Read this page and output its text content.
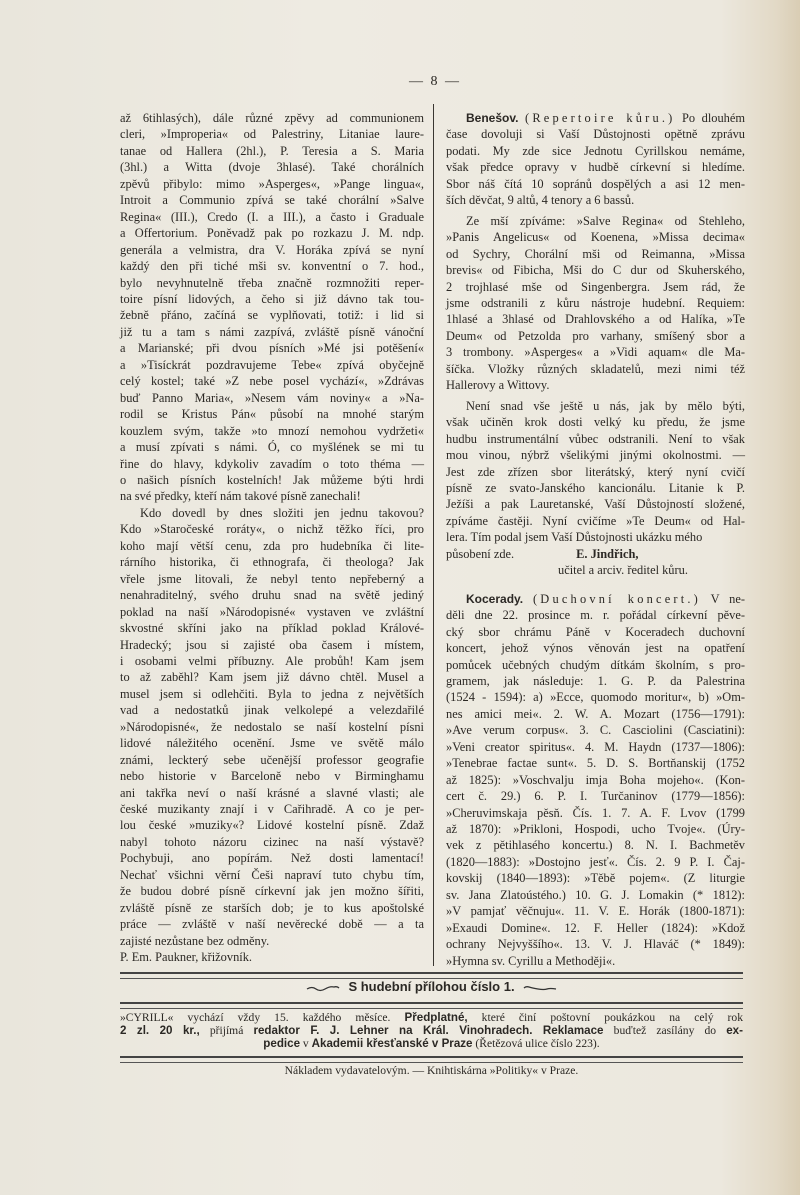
— 8 —
až 6tihlasých), dále různé zpěvy ad communionem
cleri, »Improperia« od Palestriny, Litaniae laure-
tanae od Hallera (2hl.), P. Teresia a S. Maria
(3hl.) a Witta (dvoje 3hlasé). Také chorálních
zpěvů přibylo: mimo »Asperges«, »Pange lingua«,
Introit a Communio zpívá se také chorální »Salve
Regina« (III.), Credo (I. a III.), a často i Graduale
a Offertorium. Poněvadž pak po rozkazu J. M. ndp.
generála a velmistra, dra V. Horáka zpívá se nyní
každý den při tiché mši sv. konventní o 7. hod.,
bylo nevyhnutelně třeba značně rozmnožiti reper-
toire písní lidových, a čeho si již dávno tak tou-
žebně přáno, začíná se vyplňovati, totiž: i lid si
již tu a tam s námi zazpívá, zvláště písně vánoční
a Marianské; při dvou písních »Mé jsi potěšení«
a »Tisíckrát pozdravujeme Tebe« zpívá obyčejně
celý kostel; také »Z nebe posel vychází«, »Zdrávas
buď Panno Maria«, »Nesem vám noviny« a »Na-
rodil se Kristus Pán« působí na mnohé starým
kouzlem svým, takže »to mnozí nemohou vydržeti«
a musí zpívati s námi. Ó, co myšlének se mi tu
řine do hlavy, kdykoliv zavadím o toto théma —
o našich písních kostelních! Jak můžeme býti hrdi
na své předky, kteří nám takové písně zanechali!
Kdo dovedl by dnes složiti jen jednu takovou?
Kdo »Staročeské roráty«, o nichž těžko říci, pro
koho mají větší cenu, zda pro hudebníka či lite-
rárního historika, či ethnografa, či theologa? Jak
vřele jsme litovali, že nebyl tento nepřeberný a
nenahraditelný, svého druhu snad na světě jediný
poklad na naší »Národopisné« vystaven ve zvláštní
skvostné skříni jako na příklad poklad Králové-
Hradecký; jsou si zajisté oba časem i místem,
i osobami velmi příbuzny. Ale probůh! Kam jsem
to až zaběhl? Kam jsem již dávno chtěl. Musel a
musel jsem si odlehčiti. Byla to jedna z největších
vad a nedostatků jinak velkolepé a velezdařilé
»Národopisné«, že nedostalo se naší kostelní písni
lidové náležitého ocenění. Jsme ve světě málo
známi, leckterý sebe učenější professor geografie
nebo historie v Barceloně nebo v Birminghamu
ani takřka neví o naší krásné a slavné vlasti; ale
české muzikanty znají i v Cařihradě. A co je per-
lou české »muziky«? Lidové kostelní písně. Zdaž
nabyl tohoto názoru cizinec na naší výstavě?
Pochybuji, ano popírám. Než dosti lamentací!
Nechať všichni věrní Češi napraví tuto chybu tím,
že budou dobré písně církevní jak jen možno šířiti,
zvláště písně ze starších dob; je to kus apoštolské
práce — zvláště v naší nevěrecké době — a ta
zajisté nezůstane bez odměny.
P. Em. Paukner, křižovník.
Benešov. (Repertoire kůru.) Po dlouhém
čase dovoluji si Vaší Důstojnosti opětně zprávu
podati. My zde sice Jednotu Cyrillskou nemáme,
však předce opravy v hudbě církevní si hledíme.
Sbor náš čítá 10 sopránů dospělých a asi 12 men-
ších děvčat, 9 altů, 4 tenory a 6 bassů.
Ze mší zpíváme: »Salve Regina« od Stehleho,
»Panis Angelicus« od Koenena, »Missa decima«
od Sychry, Chorální mši od Reimanna, »Missa
brevis« od Fibicha, Mši do C dur od Skuherského,
2 trojhlasé mše od Singenbergra. Jsem rád, že
jsme odstranili z kůru nástroje hudební. Requiem:
1hlasé a 3hlasé od Drahlovského a od Halíka, »Te
Deum« od Petzolda pro varhany, smíšený sbor a
3 trombony. »Asperges« a »Vidi aquam« dle Ma-
šíčka. Vložky různých skladatelů, mezi nimi též
Hallerovy a Wittovy.
Není snad vše ještě u nás, jak by mělo býti,
však učiněn krok dosti velký ku předu, že jsme
hudbu instrumentální vůbec odstranili. Není to však
mou vinou, nýbrž všelikými jinými okolnostmi. —
Jest zde zřízen sbor literátský, který nyní cvičí
písně ze svato-Janského kancionálu. Litanie k P.
Ježíši a pak Lauretanské, Vaší Důstojností složené,
zpíváme častěji. Nyní cvičíme »Te Deum« od Hal-
lera. Tím podal jsem Vaší Důstojnosti ukázku mého
působení zde.	E. Jindřich,
učitel a arciv. ředitel kůru.
Kocerady. (Duchovní koncert.) V ne-
děli dne 22. prosince m. r. pořádal církevní pěve-
cký sbor chrámu Páně v Koceradech duchovní
koncert, jehož výnos věnován jest na opatření
pomůcek učebných chudým dítkám školním, s pro-
gramem, jak následuje: 1. G. P. da Palestrina
(1524 - 1594): a) »Ecce, quomodo moritur«, b) »Om-
nes amici mei«. 2. W. A. Mozart (1756—1791):
»Ave verum corpus«. 3. C. Casciolini (Casciatini):
»Veni creator spiritus«. 4. M. Haydn (1737—1806):
»Tenebrae factae sunt«. 5. D. S. Bortňanskij (1752
až 1825): »Voschvalju imja Boha mojeho«. (Kon-
cert č. 29.) 6. P. I. Turčaninov (1779—1856):
»Cheruvimskaja pěsň. Čís. 1. 7. A. F. Lvov (1799
až 1870): »Prikloni, Hospodi, ucho Tvoje«. (Úry-
vek z pětihlasého koncertu.) 8. N. I. Bachmetěv
(1820—1883): »Dostojno jesť«. Čís. 2. 9 P. I. Čaj-
kovskij (1840—1893): »Těbě pojem«. (Z liturgie
sv. Jana Zlatoústého.) 10. G. J. Lomakin (* 1812):
»V pamjať věčnuju«. 11. V. E. Horák (1800-1871):
»Exaudi Domine«. 12. F. Heller (1824): »Kdož
ochrany Nejvyššího«. 13. V. J. Hlaváč (* 1849):
»Hymna sv. Cyrillu a Methoději«.
S hudební přílohou číslo 1.
»CYRILL« vychází vždy 15. každého měsíce. Předplatné, které činí poštovní poukázkou na celý rok
2 zl. 20 kr., přijímá redaktor F. J. Lehner na Král. Vinohradech. Reklamace buďtež zasílány do ex-
pedice v Akademii křesťanské v Praze (Řetězová ulice číslo 223).
Nákladem vydavatelovým. — Knihtiskárna »Politiky« v Praze.
